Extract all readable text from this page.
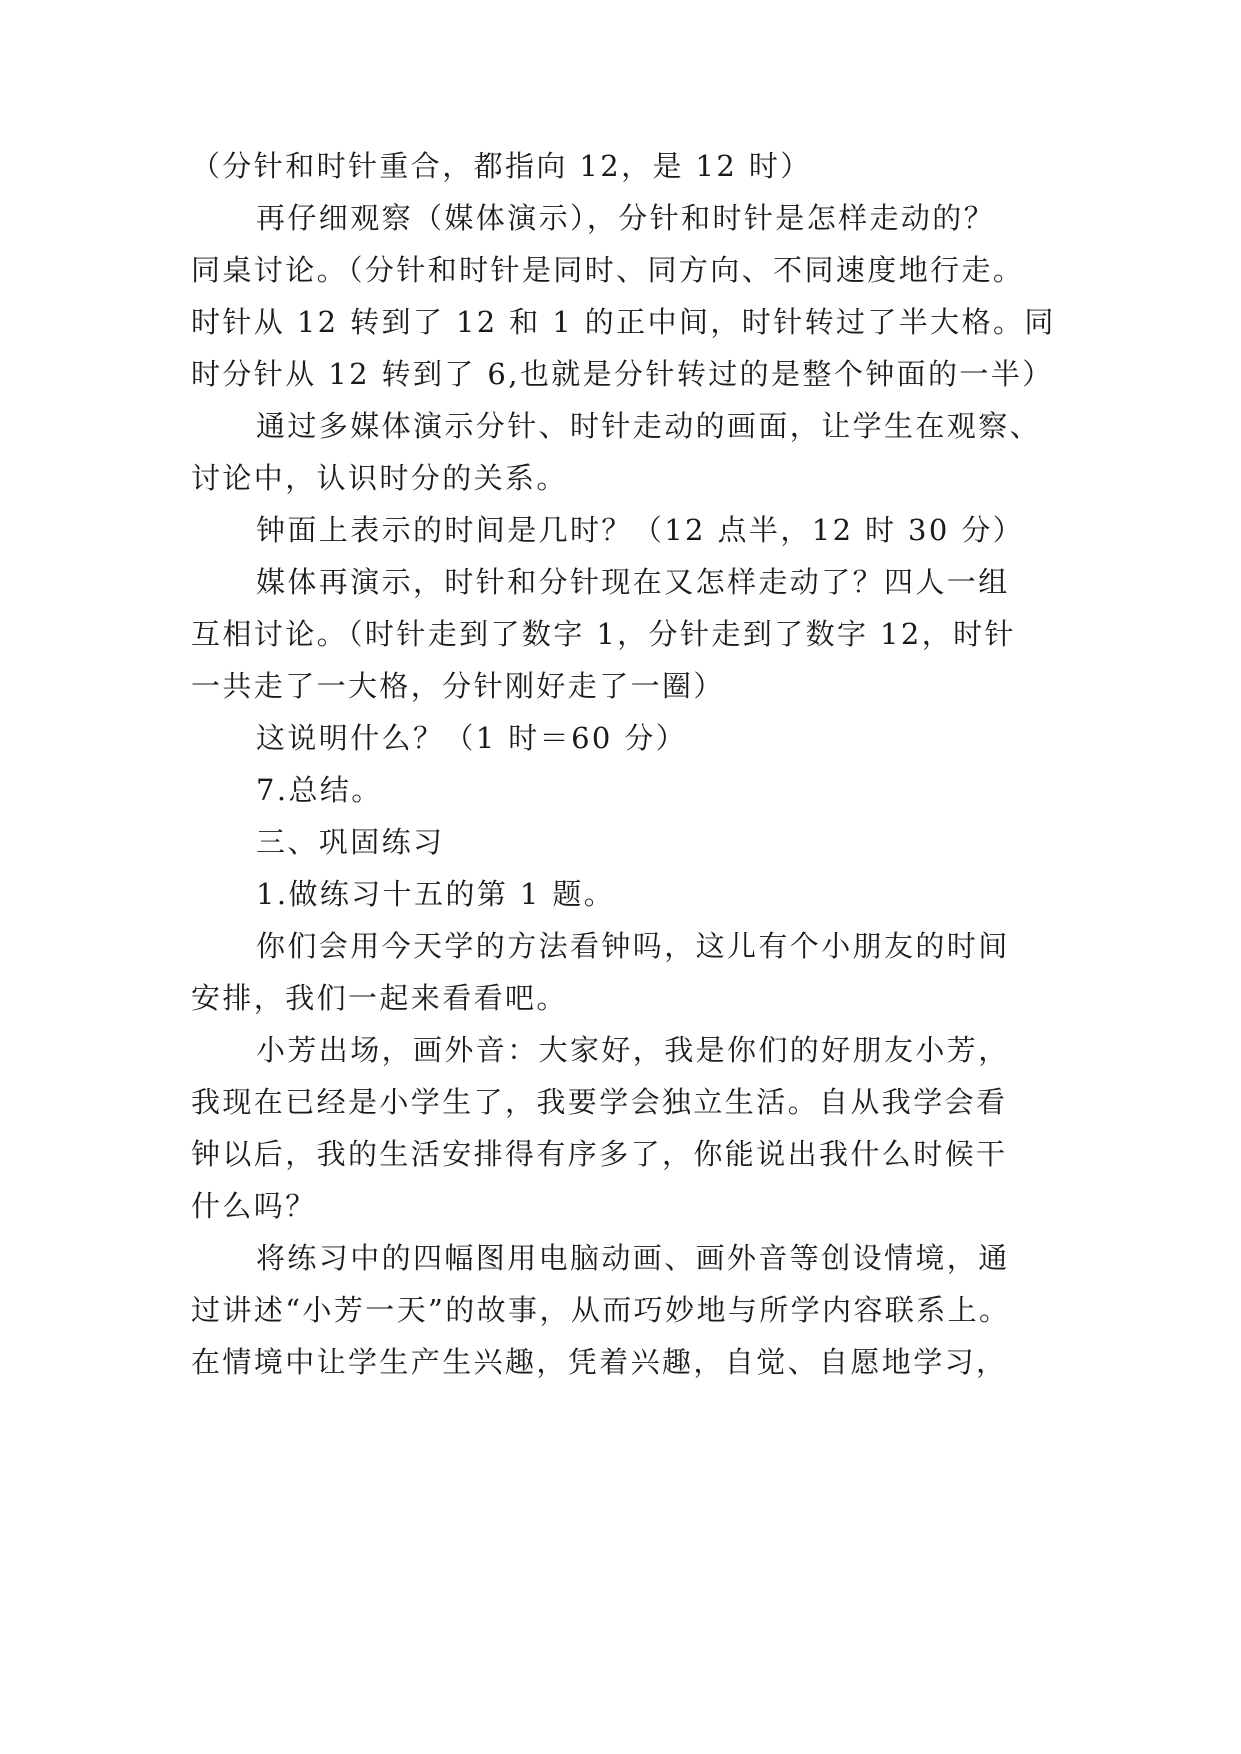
（分针和时针重合，都指向 12，是 12 时）
再仔细观察（媒体演示），分针和时针是怎样走动的？
同桌讨论。（分针和时针是同时、同方向、不同速度地行走。
时针从 12 转到了 12 和 1 的正中间，时针转过了半大格。同
时分针从 12 转到了 6,也就是分针转过的是整个钟面的一半）
通过多媒体演示分针、时针走动的画面，让学生在观察、
讨论中，认识时分的关系。
钟面上表示的时间是几时？（12 点半，12 时 30 分）
媒体再演示，时针和分针现在又怎样走动了？四人一组
互相讨论。（时针走到了数字 1，分针走到了数字 12，时针
一共走了一大格，分针刚好走了一圈）
这说明什么？（1 时＝60 分）
7.总结。
三、巩固练习
1.做练习十五的第 1 题。
你们会用今天学的方法看钟吗，这儿有个小朋友的时间
安排，我们一起来看看吧。
小芳出场，画外音：大家好，我是你们的好朋友小芳，
我现在已经是小学生了，我要学会独立生活。自从我学会看
钟以后，我的生活安排得有序多了，你能说出我什么时候干
什么吗？
将练习中的四幅图用电脑动画、画外音等创设情境，通
过讲述“小芳一天”的故事，从而巧妙地与所学内容联系上。
在情境中让学生产生兴趣，凭着兴趣，自觉、自愿地学习，
